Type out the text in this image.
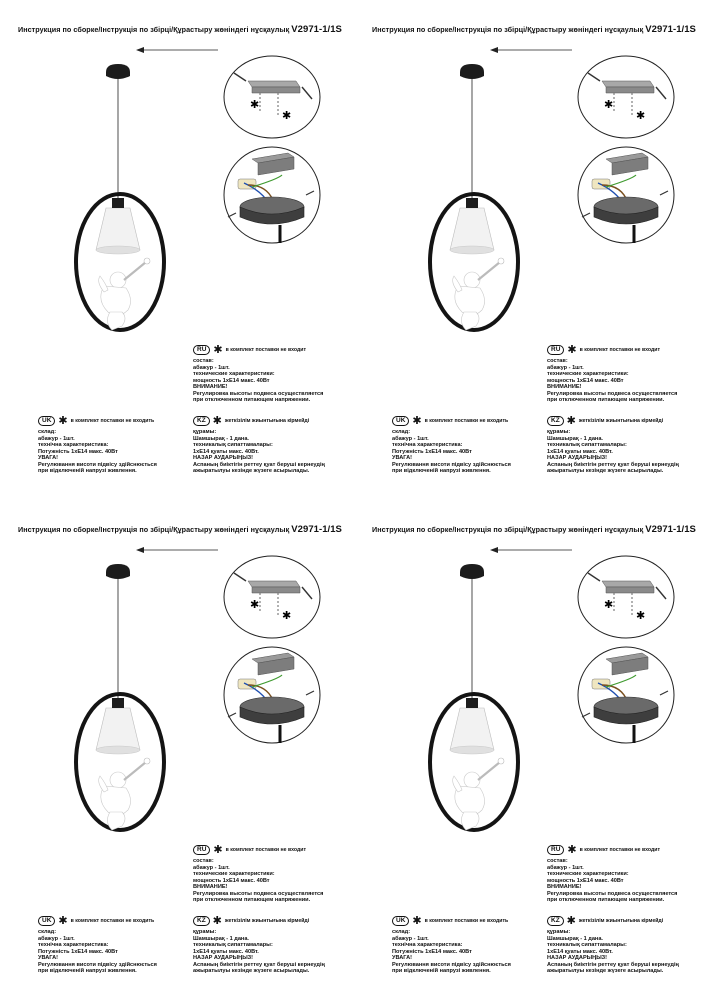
Инструкция по сборке/Інструкція по збірці/Құрастыру жөніндегі нұсқаулық V2971-1/1S
✱
✱
RU ✱ в комплект поставки не входит
состав:
абажур - 1шт.
технические характеристики:
мощность 1хЕ14 макс. 40Вт
ВНИМАНИЕ!
Регулировка высоты подвеса осуществляется
при отключенном питающем напряжении.
UK ✱ в комплект поставки не входить
склад:
абажур - 1шт.
технічна характеристика:
Потужність 1хЕ14 макс. 40Вт
УВАГА!
Регулювання висоти підвісу здійснюється
при відключеній напрузі живлення.
KZ ✱ жеткізілім жиынтығына кірмейді
құрамы:
Шамшырақ - 1 дана.
техникалық сипаттамалары:
1хЕ14 қуаты макс. 40Вт.
НАЗАР АУДАРЫҢЫЗ!
Аспаның биіктігін реттеу қуат беруші кернеудің
ажыратылуы кезінде жүзеге асырылады.
Инструкция по сборке/Інструкція по збірці/Құрастыру жөніндегі нұсқаулық V2971-1/1S
✱
✱
RU ✱ в комплект поставки не входит
состав:
абажур - 1шт.
технические характеристики:
мощность 1хЕ14 макс. 40Вт
ВНИМАНИЕ!
Регулировка высоты подвеса осуществляется
при отключенном питающем напряжении.
UK ✱ в комплект поставки не входить
склад:
абажур - 1шт.
технічна характеристика:
Потужність 1хЕ14 макс. 40Вт
УВАГА!
Регулювання висоти підвісу здійснюється
при відключеній напрузі живлення.
KZ ✱ жеткізілім жиынтығына кірмейді
құрамы:
Шамшырақ - 1 дана.
техникалық сипаттамалары:
1хЕ14 қуаты макс. 40Вт.
НАЗАР АУДАРЫҢЫЗ!
Аспаның биіктігін реттеу қуат беруші кернеудің
ажыратылуы кезінде жүзеге асырылады.
Инструкция по сборке/Інструкція по збірці/Құрастыру жөніндегі нұсқаулық V2971-1/1S
✱
✱
RU ✱ в комплект поставки не входит
состав:
абажур - 1шт.
технические характеристики:
мощность 1хЕ14 макс. 40Вт
ВНИМАНИЕ!
Регулировка высоты подвеса осуществляется
при отключенном питающем напряжении.
UK ✱ в комплект поставки не входить
склад:
абажур - 1шт.
технічна характеристика:
Потужність 1хЕ14 макс. 40Вт
УВАГА!
Регулювання висоти підвісу здійснюється
при відключеній напрузі живлення.
KZ ✱ жеткізілім жиынтығына кірмейді
құрамы:
Шамшырақ - 1 дана.
техникалық сипаттамалары:
1хЕ14 қуаты макс. 40Вт.
НАЗАР АУДАРЫҢЫЗ!
Аспаның биіктігін реттеу қуат беруші кернеудің
ажыратылуы кезінде жүзеге асырылады.
Инструкция по сборке/Інструкція по збірці/Құрастыру жөніндегі нұсқаулық V2971-1/1S
✱
✱
RU ✱ в комплект поставки не входит
состав:
абажур - 1шт.
технические характеристики:
мощность 1хЕ14 макс. 40Вт
ВНИМАНИЕ!
Регулировка высоты подвеса осуществляется
при отключенном питающем напряжении.
UK ✱ в комплект поставки не входить
склад:
абажур - 1шт.
технічна характеристика:
Потужність 1хЕ14 макс. 40Вт
УВАГА!
Регулювання висоти підвісу здійснюється
при відключеній напрузі живлення.
KZ ✱ жеткізілім жиынтығына кірмейді
құрамы:
Шамшырақ - 1 дана.
техникалық сипаттамалары:
1хЕ14 қуаты макс. 40Вт.
НАЗАР АУДАРЫҢЫЗ!
Аспаның биіктігін реттеу қуат беруші кернеудің
ажыратылуы кезінде жүзеге асырылады.
